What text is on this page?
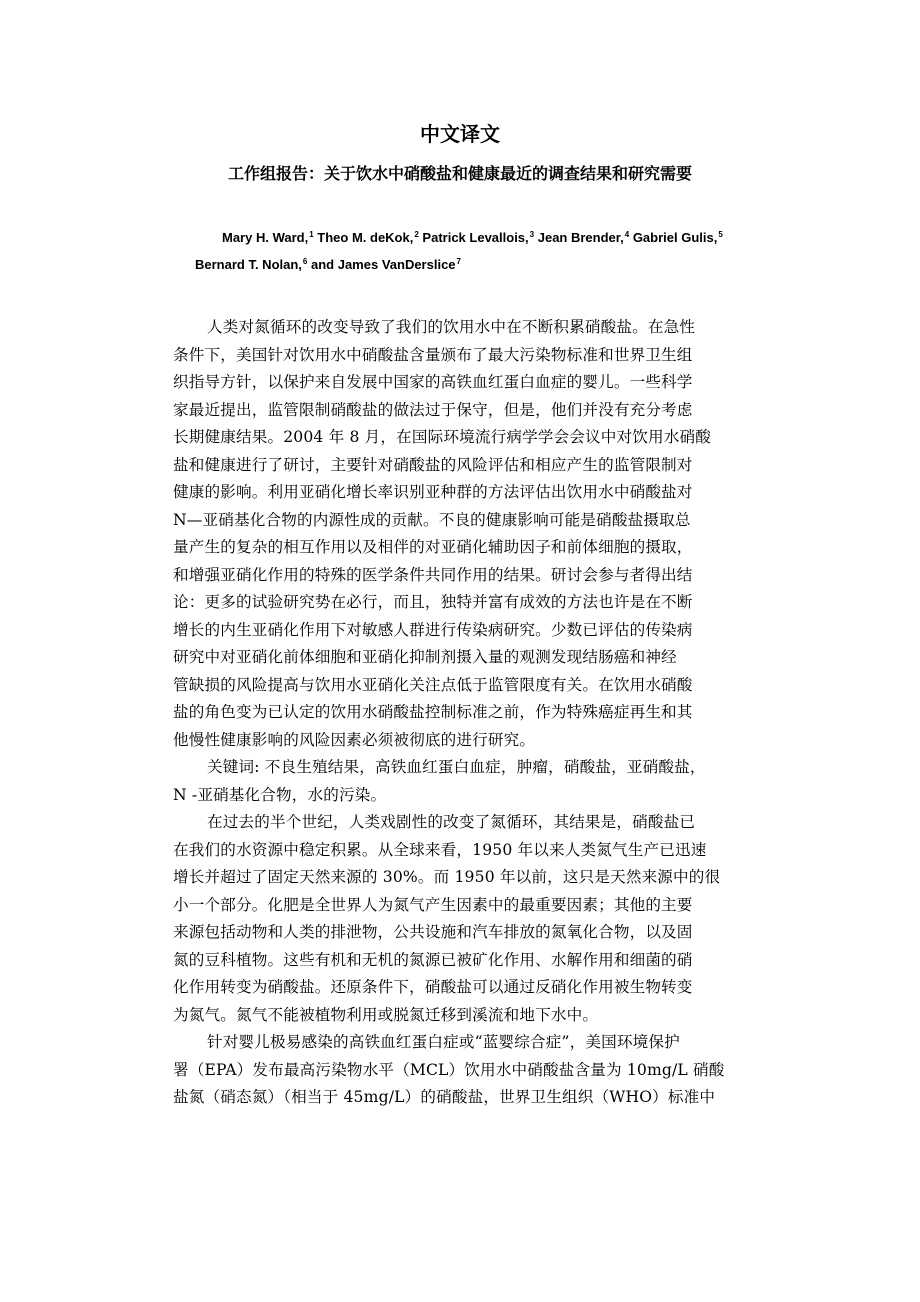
中文译文
工作组报告：关于饮水中硝酸盐和健康最近的调查结果和研究需要
Mary H. Ward,$^1$ Theo M. deKok,$^2$ Patrick Levallois,$^3$ Jean Brender,$^4$ Gabriel Gulis,$^5$
Bernard T. Nolan,$^6$ and James VanDerslice$^7$
人类对氮循环的改变导致了我们的饮用水中在不断积累硝酸盐。在急性
条件下，美国针对饮用水中硝酸盐含量颁布了最大污染物标准和世界卫生组
织指导方针，以保护来自发展中国家的高铁血红蛋白血症的婴儿。一些科学
家最近提出，监管限制硝酸盐的做法过于保守，但是，他们并没有充分考虑
长期健康结果。2004 年 8 月，在国际环境流行病学学会会议中对饮用水硝酸
盐和健康进行了研讨，主要针对硝酸盐的风险评估和相应产生的监管限制对
健康的影响。利用亚硝化增长率识别亚种群的方法评估出饮用水中硝酸盐对
N—亚硝基化合物的内源性成的贡献。不良的健康影响可能是硝酸盐摄取总
量产生的复杂的相互作用以及相伴的对亚硝化辅助因子和前体细胞的摄取，
和增强亚硝化作用的特殊的医学条件共同作用的结果。研讨会参与者得出结
论：更多的试验研究势在必行，而且，独特并富有成效的方法也许是在不断
增长的内生亚硝化作用下对敏感人群进行传染病研究。少数已评估的传染病
研究中对亚硝化前体细胞和亚硝化抑制剂摄入量的观测发现结肠癌和神经
管缺损的风险提高与饮用水亚硝化关注点低于监管限度有关。在饮用水硝酸
盐的角色变为已认定的饮用水硝酸盐控制标准之前，作为特殊癌症再生和其
他慢性健康影响的风险因素必须被彻底的进行研究。
关键词: 不良生殖结果，高铁血红蛋白血症，肿瘤，硝酸盐，亚硝酸盐，
N -亚硝基化合物，水的污染。
在过去的半个世纪，人类戏剧性的改变了氮循环，其结果是，硝酸盐已
在我们的水资源中稳定积累。从全球来看，1950 年以来人类氮气生产已迅速
增长并超过了固定天然来源的 30%。而 1950 年以前，这只是天然来源中的很
小一个部分。化肥是全世界人为氮气产生因素中的最重要因素；其他的主要
来源包括动物和人类的排泄物，公共设施和汽车排放的氮氧化合物，以及固
氮的豆科植物。这些有机和无机的氮源已被矿化作用、水解作用和细菌的硝
化作用转变为硝酸盐。还原条件下，硝酸盐可以通过反硝化作用被生物转变
为氮气。氮气不能被植物利用或脱氮迁移到溪流和地下水中。
针对婴儿极易感染的高铁血红蛋白症或“蓝婴综合症”，美国环境保护
署（EPA）发布最高污染物水平（MCL）饮用水中硝酸盐含量为 10mg/L 硝酸
盐氮（硝态氮）（相当于 45mg/L）的硝酸盐，世界卫生组织（WHO）标准中
